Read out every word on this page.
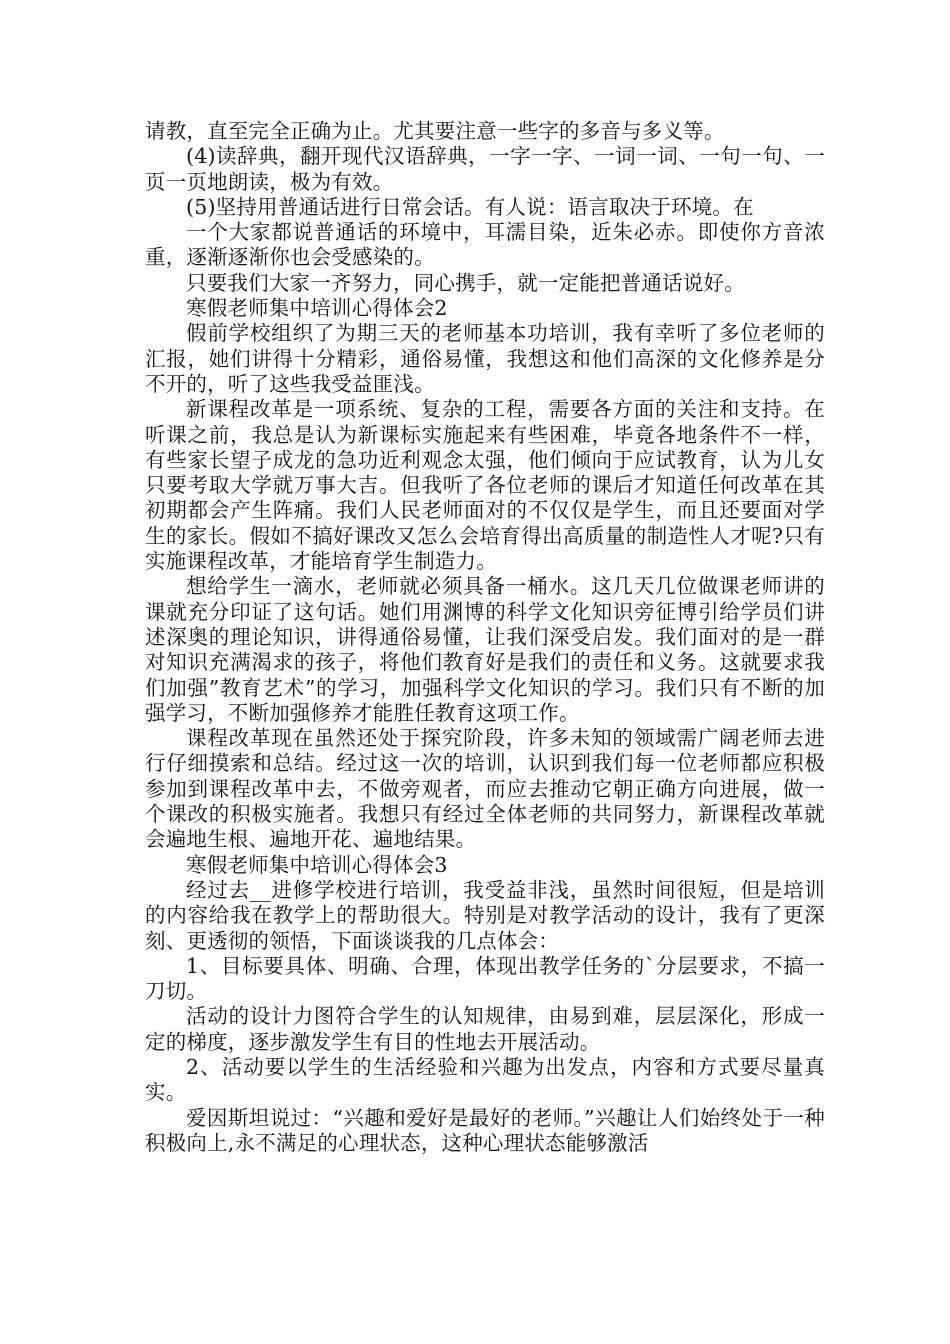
请教，直至完全正确为止。尤其要注意一些字的多音与多义等。

(4)读辞典，翻开现代汉语辞典，一字一字、一词一词、一句一句、一页一页地朗读，极为有效。

(5)坚持用普通话进行日常会话。有人说：语言取决于环境。在

一个大家都说普通话的环境中，耳濡目染，近朱必赤。即使你方音浓重，逐渐逐渐你也会受感染的。

只要我们大家一齐努力，同心携手，就一定能把普通话说好。

寒假老师集中培训心得体会2

假前学校组织了为期三天的老师基本功培训，我有幸听了多位老师的汇报，她们讲得十分精彩，通俗易懂，我想这和他们高深的文化修养是分不开的，听了这些我受益匪浅。

新课程改革是一项系统、复杂的工程，需要各方面的关注和支持。在听课之前，我总是认为新课标实施起来有些困难，毕竟各地条件不一样，有些家长望子成龙的急功近利观念太强，他们倾向于应试教育，认为儿女只要考取大学就万事大吉。但我听了各位老师的课后才知道任何改革在其初期都会产生阵痛。我们人民老师面对的不仅仅是学生，而且还要面对学生的家长。假如不搞好课改又怎么会培育得出高质量的制造性人才呢?只有实施课程改革，才能培育学生制造力。

想给学生一滴水，老师就必须具备一桶水。这几天几位做课老师讲的课就充分印证了这句话。她们用渊博的科学文化知识旁征博引给学员们讲述深奥的理论知识，讲得通俗易懂，让我们深受启发。我们面对的是一群对知识充满渴求的孩子，将他们教育好是我们的责任和义务。这就要求我们加强”教育艺术”的学习，加强科学文化知识的学习。我们只有不断的加强学习，不断加强修养才能胜任教育这项工作。

课程改革现在虽然还处于探究阶段，许多未知的领域需广阔老师去进行仔细摸索和总结。经过这一次的培训，认识到我们每一位老师都应积极参加到课程改革中去，不做旁观者，而应去推动它朝正确方向进展，做一个课改的积极实施者。我想只有经过全体老师的共同努力，新课程改革就会遍地生根、遍地开花、遍地结果。

寒假老师集中培训心得体会3

经过去__进修学校进行培训，我受益非浅，虽然时间很短，但是培训的内容给我在教学上的帮助很大。特别是对教学活动的设计，我有了更深刻、更透彻的领悟，下面谈谈我的几点体会：

1、目标要具体、明确、合理，体现出教学任务的`分层要求，不搞一刀切。

活动的设计力图符合学生的认知规律，由易到难，层层深化，形成一定的梯度，逐步激发学生有目的性地去开展活动。

2、活动要以学生的生活经验和兴趣为出发点，内容和方式要尽量真实。

爱因斯坦说过：“兴趣和爱好是最好的老师。”兴趣让人们始终处于一种积极向上,永不满足的心理状态，这种心理状态能够激活
